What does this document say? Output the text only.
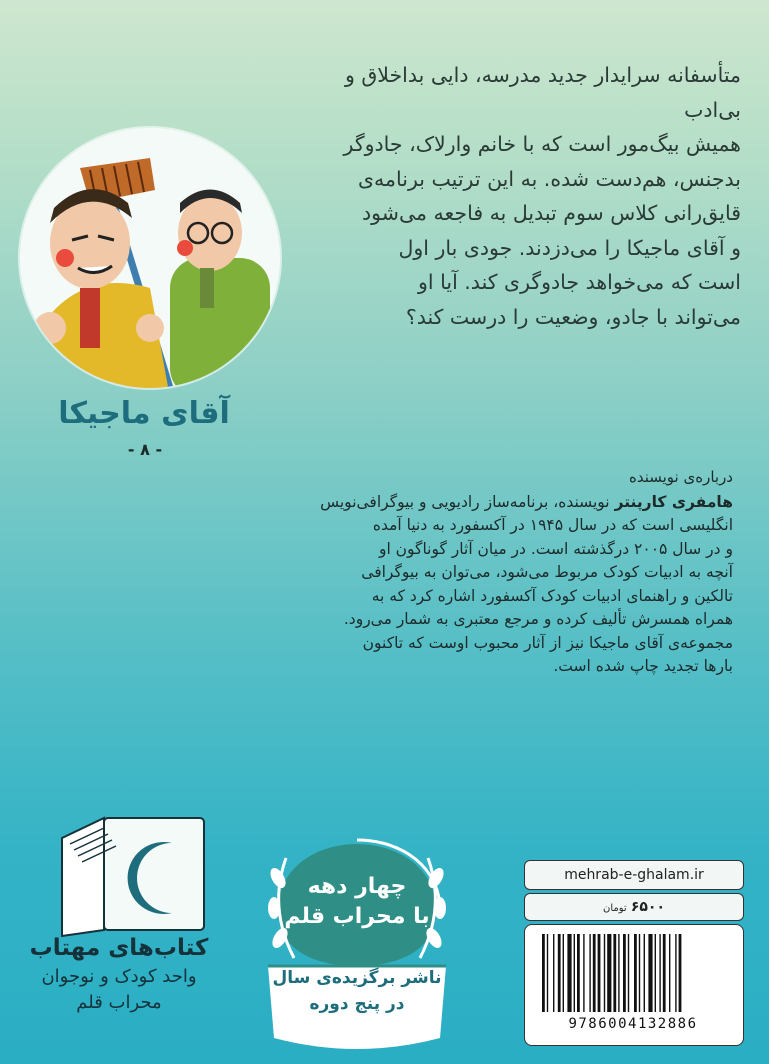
متأسفانه سرایدار جدید مدرسه، دایی بداخلاق و بی‌ادب

همیش بیگ‌مور است که با خانم وارلاک، جادوگر

بدجنس، هم‌دست شده. به این ترتیب برنامه‌ی

قایق‌رانی کلاس سوم تبدیل به فاجعه می‌شود

و آقای ماجیکا را می‌دزدند. جودی بار اول

است که می‌خواهد جادوگری کند. آیا او

می‌تواند با جادو، وضعیت را درست کند؟

آقای ماجیکا
- ۸ -

درباره‌ی نویسنده

هامفری کارپنتر نویسنده، برنامه‌ساز رادیویی و بیوگرافی‌نویس

انگلیسی است که در سال ۱۹۴۵ در آکسفورد به دنیا آمده

و در سال ۲۰۰۵ درگذشته است. در میان آثار گوناگون او

آنچه به ادبیات کودک مربوط می‌شود، می‌توان به بیوگرافی

تالکین و راهنمای ادبیات کودک آکسفورد اشاره کرد که به

همراه همسرش تألیف کرده و مرجع معتبری به شمار می‌رود.

مجموعه‌ی آقای ماجیکا نیز از آثار محبوب اوست که تاکنون

بارها تجدید چاپ شده است.

کتاب‌های مهتاب
واحد کودک و نوجوان
محراب قلم
چهار دهه
با محراب قلم
ناشر برگزیده‌ی سال
در پنج دوره
mehrab-e-ghalam.ir
۶۵۰۰ تومان
9786004132886
